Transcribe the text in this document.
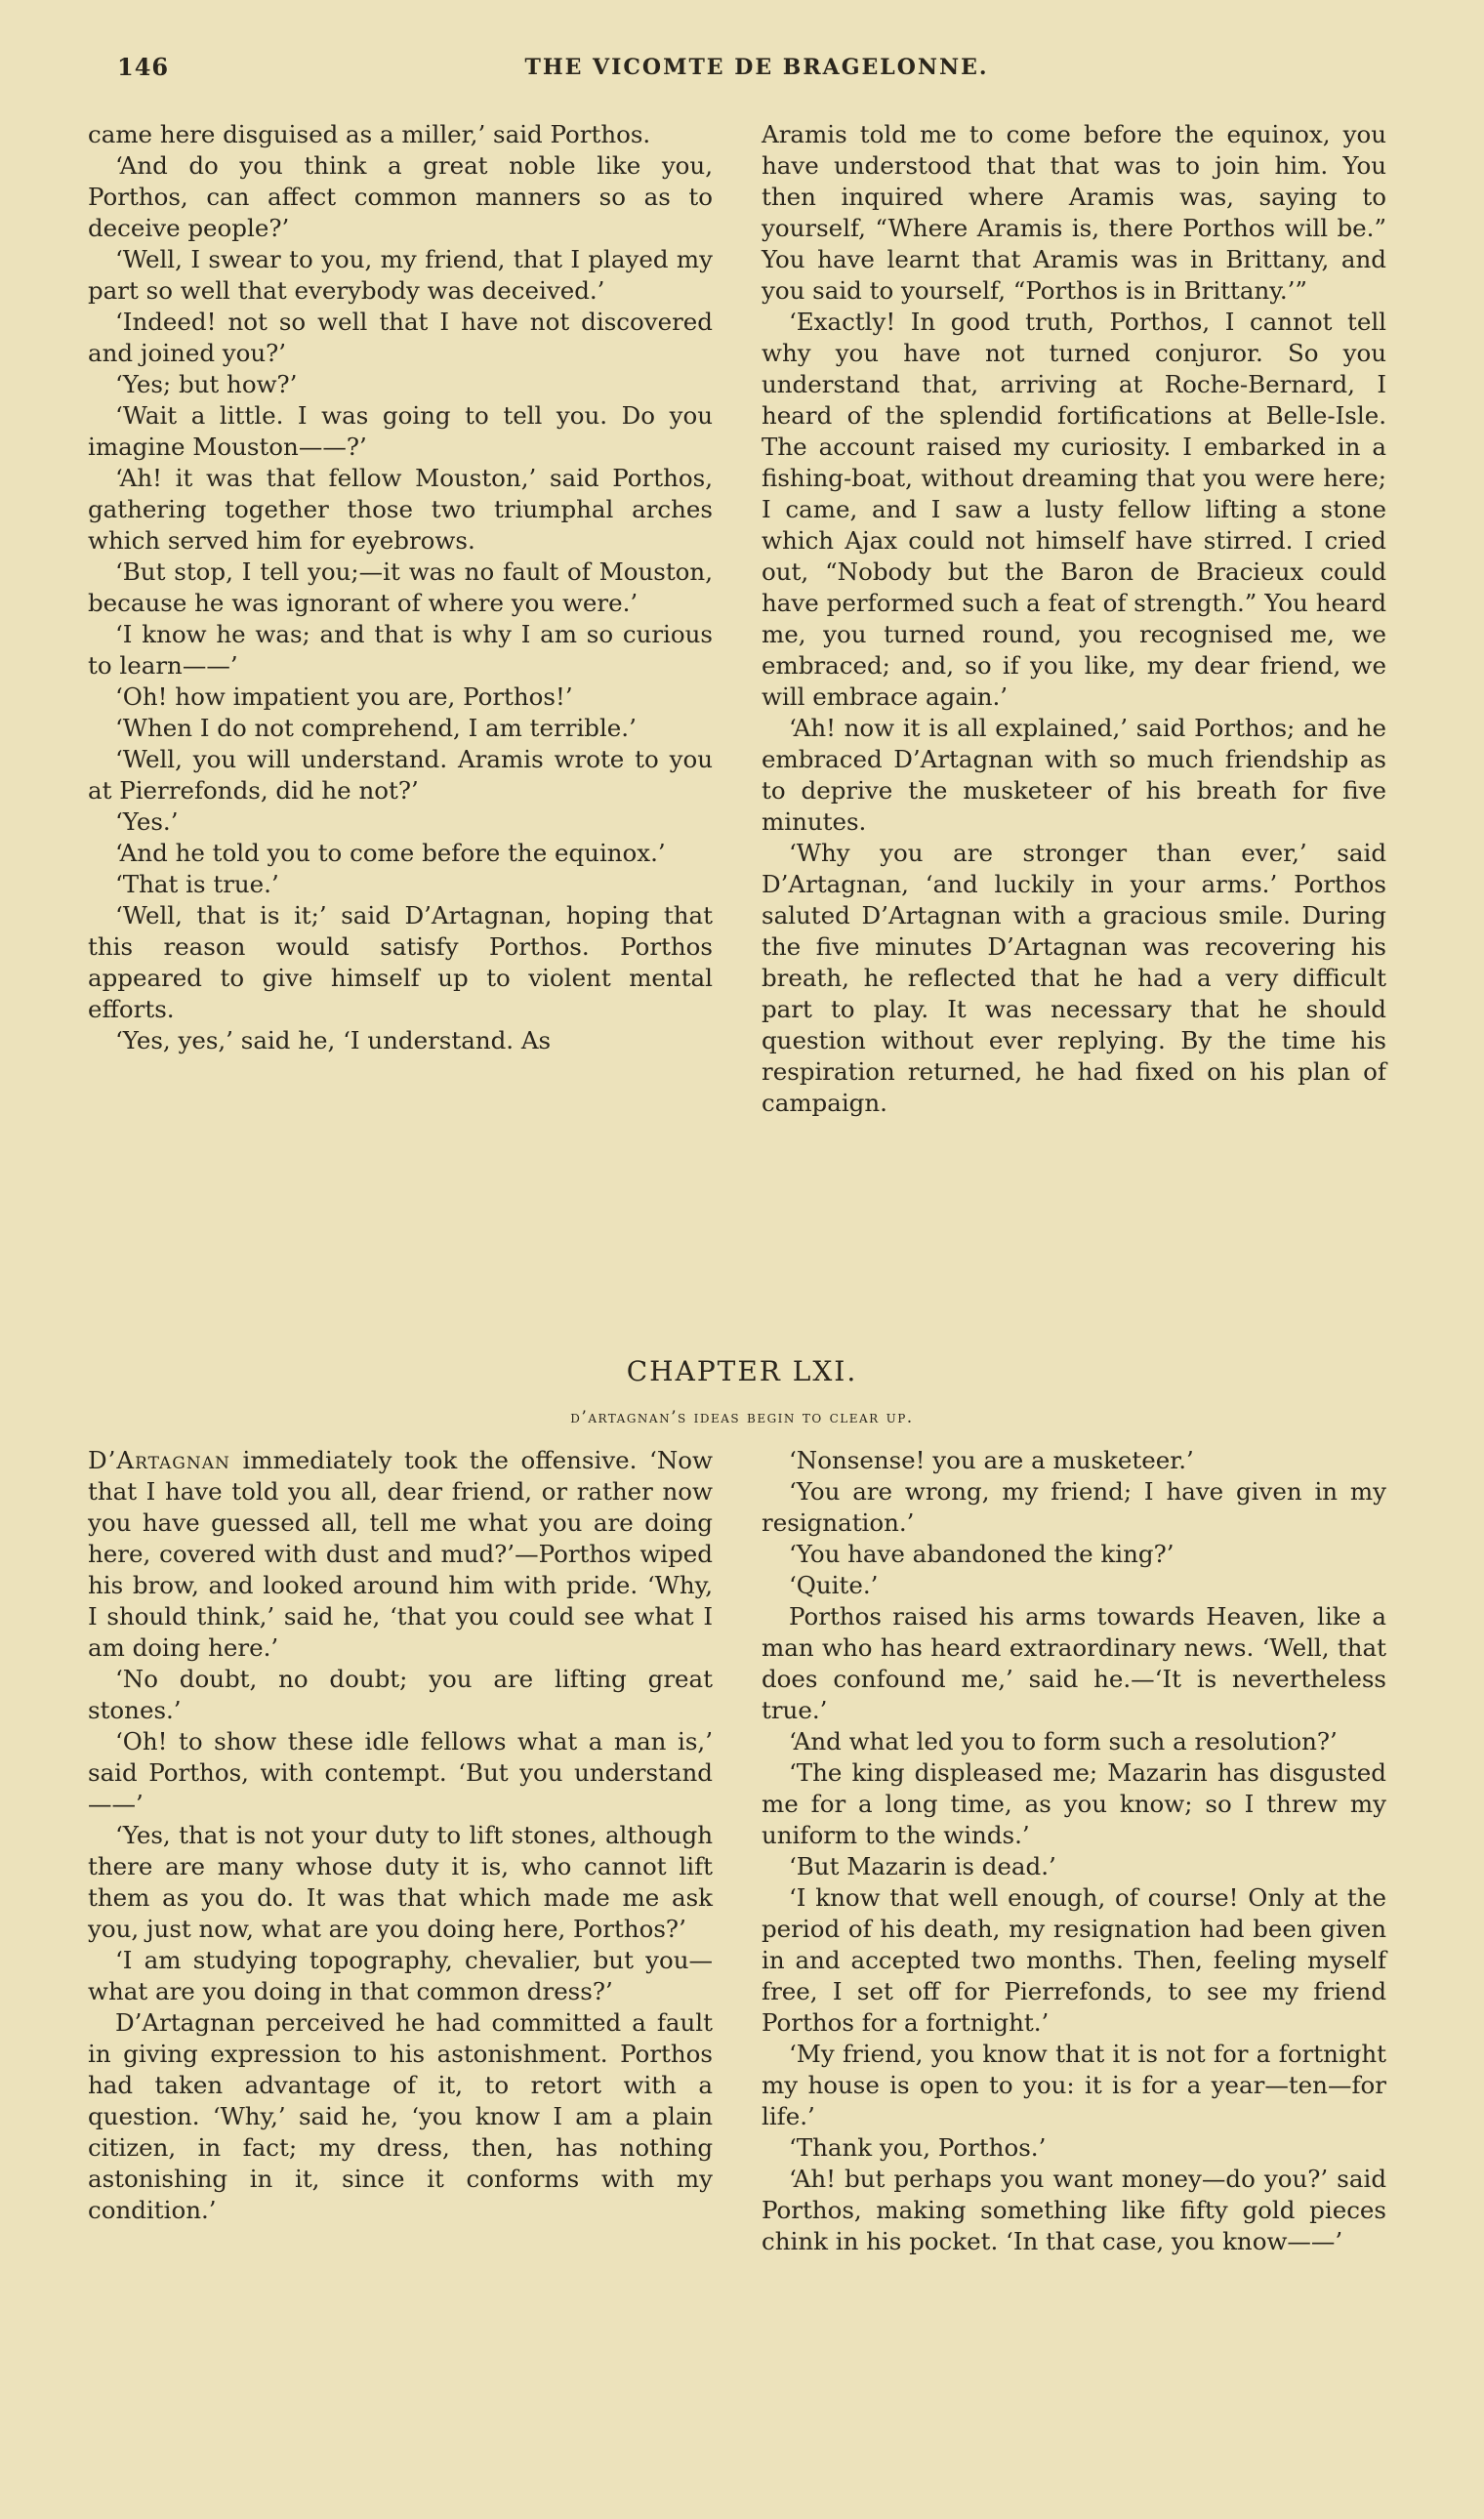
146	THE VICOMTE DE BRAGELONNE.

came here disguised as a miller,’ said Porthos.

‘And do you think a great noble like you, Porthos, can affect common manners so as to deceive people?’

‘Well, I swear to you, my friend, that I played my part so well that everybody was deceived.’

‘Indeed! not so well that I have not discovered and joined you?’

‘Yes; but how?’

‘Wait a little. I was going to tell you. Do you imagine Mouston——?’

‘Ah! it was that fellow Mouston,’ said Porthos, gathering together those two triumphal arches which served him for eyebrows.

‘But stop, I tell you;—it was no fault of Mouston, because he was ignorant of where you were.’

‘I know he was; and that is why I am so curious to learn——’

‘Oh! how impatient you are, Porthos!’

‘When I do not comprehend, I am terrible.’

‘Well, you will understand. Aramis wrote to you at Pierrefonds, did he not?’

‘Yes.’

‘And he told you to come before the equinox.’

‘That is true.’

‘Well, that is it;’ said D’Artagnan, hoping that this reason would satisfy Porthos. Porthos appeared to give himself up to violent mental efforts.

‘Yes, yes,’ said he, ‘I understand. As

Aramis told me to come before the equinox, you have understood that that was to join him. You then inquired where Aramis was, saying to yourself, “Where Aramis is, there Porthos will be.” You have learnt that Aramis was in Brittany, and you said to yourself, “Porthos is in Brittany.’”

‘Exactly! In good truth, Porthos, I cannot tell why you have not turned conjuror. So you understand that, arriving at Roche-Bernard, I heard of the splendid fortifications at Belle-Isle. The account raised my curiosity. I embarked in a fishing-boat, without dreaming that you were here; I came, and I saw a lusty fellow lifting a stone which Ajax could not himself have stirred. I cried out, “Nobody but the Baron de Bracieux could have performed such a feat of strength.” You heard me, you turned round, you recognised me, we embraced; and, so if you like, my dear friend, we will embrace again.’

‘Ah! now it is all explained,’ said Porthos; and he embraced D’Artagnan with so much friendship as to deprive the musketeer of his breath for five minutes.

‘Why you are stronger than ever,’ said D’Artagnan, ‘and luckily in your arms.’ Porthos saluted D’Artagnan with a gracious smile. During the five minutes D’Artagnan was recovering his breath, he reflected that he had a very difficult part to play. It was necessary that he should question without ever replying. By the time his respiration returned, he had fixed on his plan of campaign.

CHAPTER LXI.
d’artagnan’s ideas begin to clear up.

D’Artagnan immediately took the offensive. ‘Now that I have told you all, dear friend, or rather now you have guessed all, tell me what you are doing here, covered with dust and mud?’—Porthos wiped his brow, and looked around him with pride. ‘Why, I should think,’ said he, ‘that you could see what I am doing here.’

‘No doubt, no doubt; you are lifting great stones.’

‘Oh! to show these idle fellows what a man is,’ said Porthos, with contempt. ‘But you understand——’

‘Yes, that is not your duty to lift stones, although there are many whose duty it is, who cannot lift them as you do. It was that which made me ask you, just now, what are you doing here, Porthos?’

‘I am studying topography, chevalier, but you—what are you doing in that common dress?’

D’Artagnan perceived he had committed a fault in giving expression to his astonishment. Porthos had taken advantage of it, to retort with a question. ‘Why,’ said he, ‘you know I am a plain citizen, in fact; my dress, then, has nothing astonishing in it, since it conforms with my condition.’

‘Nonsense! you are a musketeer.’

‘You are wrong, my friend; I have given in my resignation.’

‘You have abandoned the king?’

‘Quite.’

Porthos raised his arms towards Heaven, like a man who has heard extraordinary news. ‘Well, that does confound me,’ said he.—‘It is nevertheless true.’

‘And what led you to form such a resolution?’

‘The king displeased me; Mazarin has disgusted me for a long time, as you know; so I threw my uniform to the winds.’

‘But Mazarin is dead.’

‘I know that well enough, of course! Only at the period of his death, my resignation had been given in and accepted two months. Then, feeling myself free, I set off for Pierrefonds, to see my friend Porthos for a fortnight.’

‘My friend, you know that it is not for a fortnight my house is open to you: it is for a year—ten—for life.’

‘Thank you, Porthos.’

‘Ah! but perhaps you want money—do you?’ said Porthos, making something like fifty gold pieces chink in his pocket. ‘In that case, you know——’
